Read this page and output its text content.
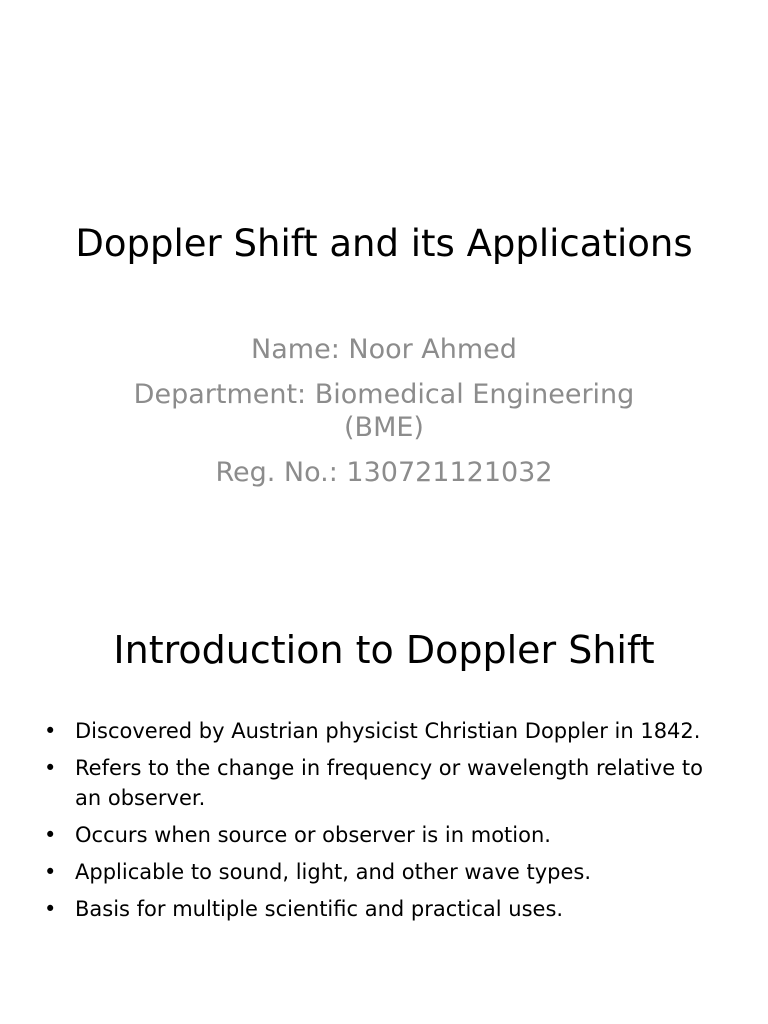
Doppler Shift and its Applications
Name: Noor Ahmed
Department: Biomedical Engineering (BME)
Reg. No.: 130721121032
Introduction to Doppler Shift
• Discovered by Austrian physicist Christian Doppler in 1842.
• Refers to the change in frequency or wavelength relative to an observer.
• Occurs when source or observer is in motion.
• Applicable to sound, light, and other wave types.
• Basis for multiple scientific and practical uses.
